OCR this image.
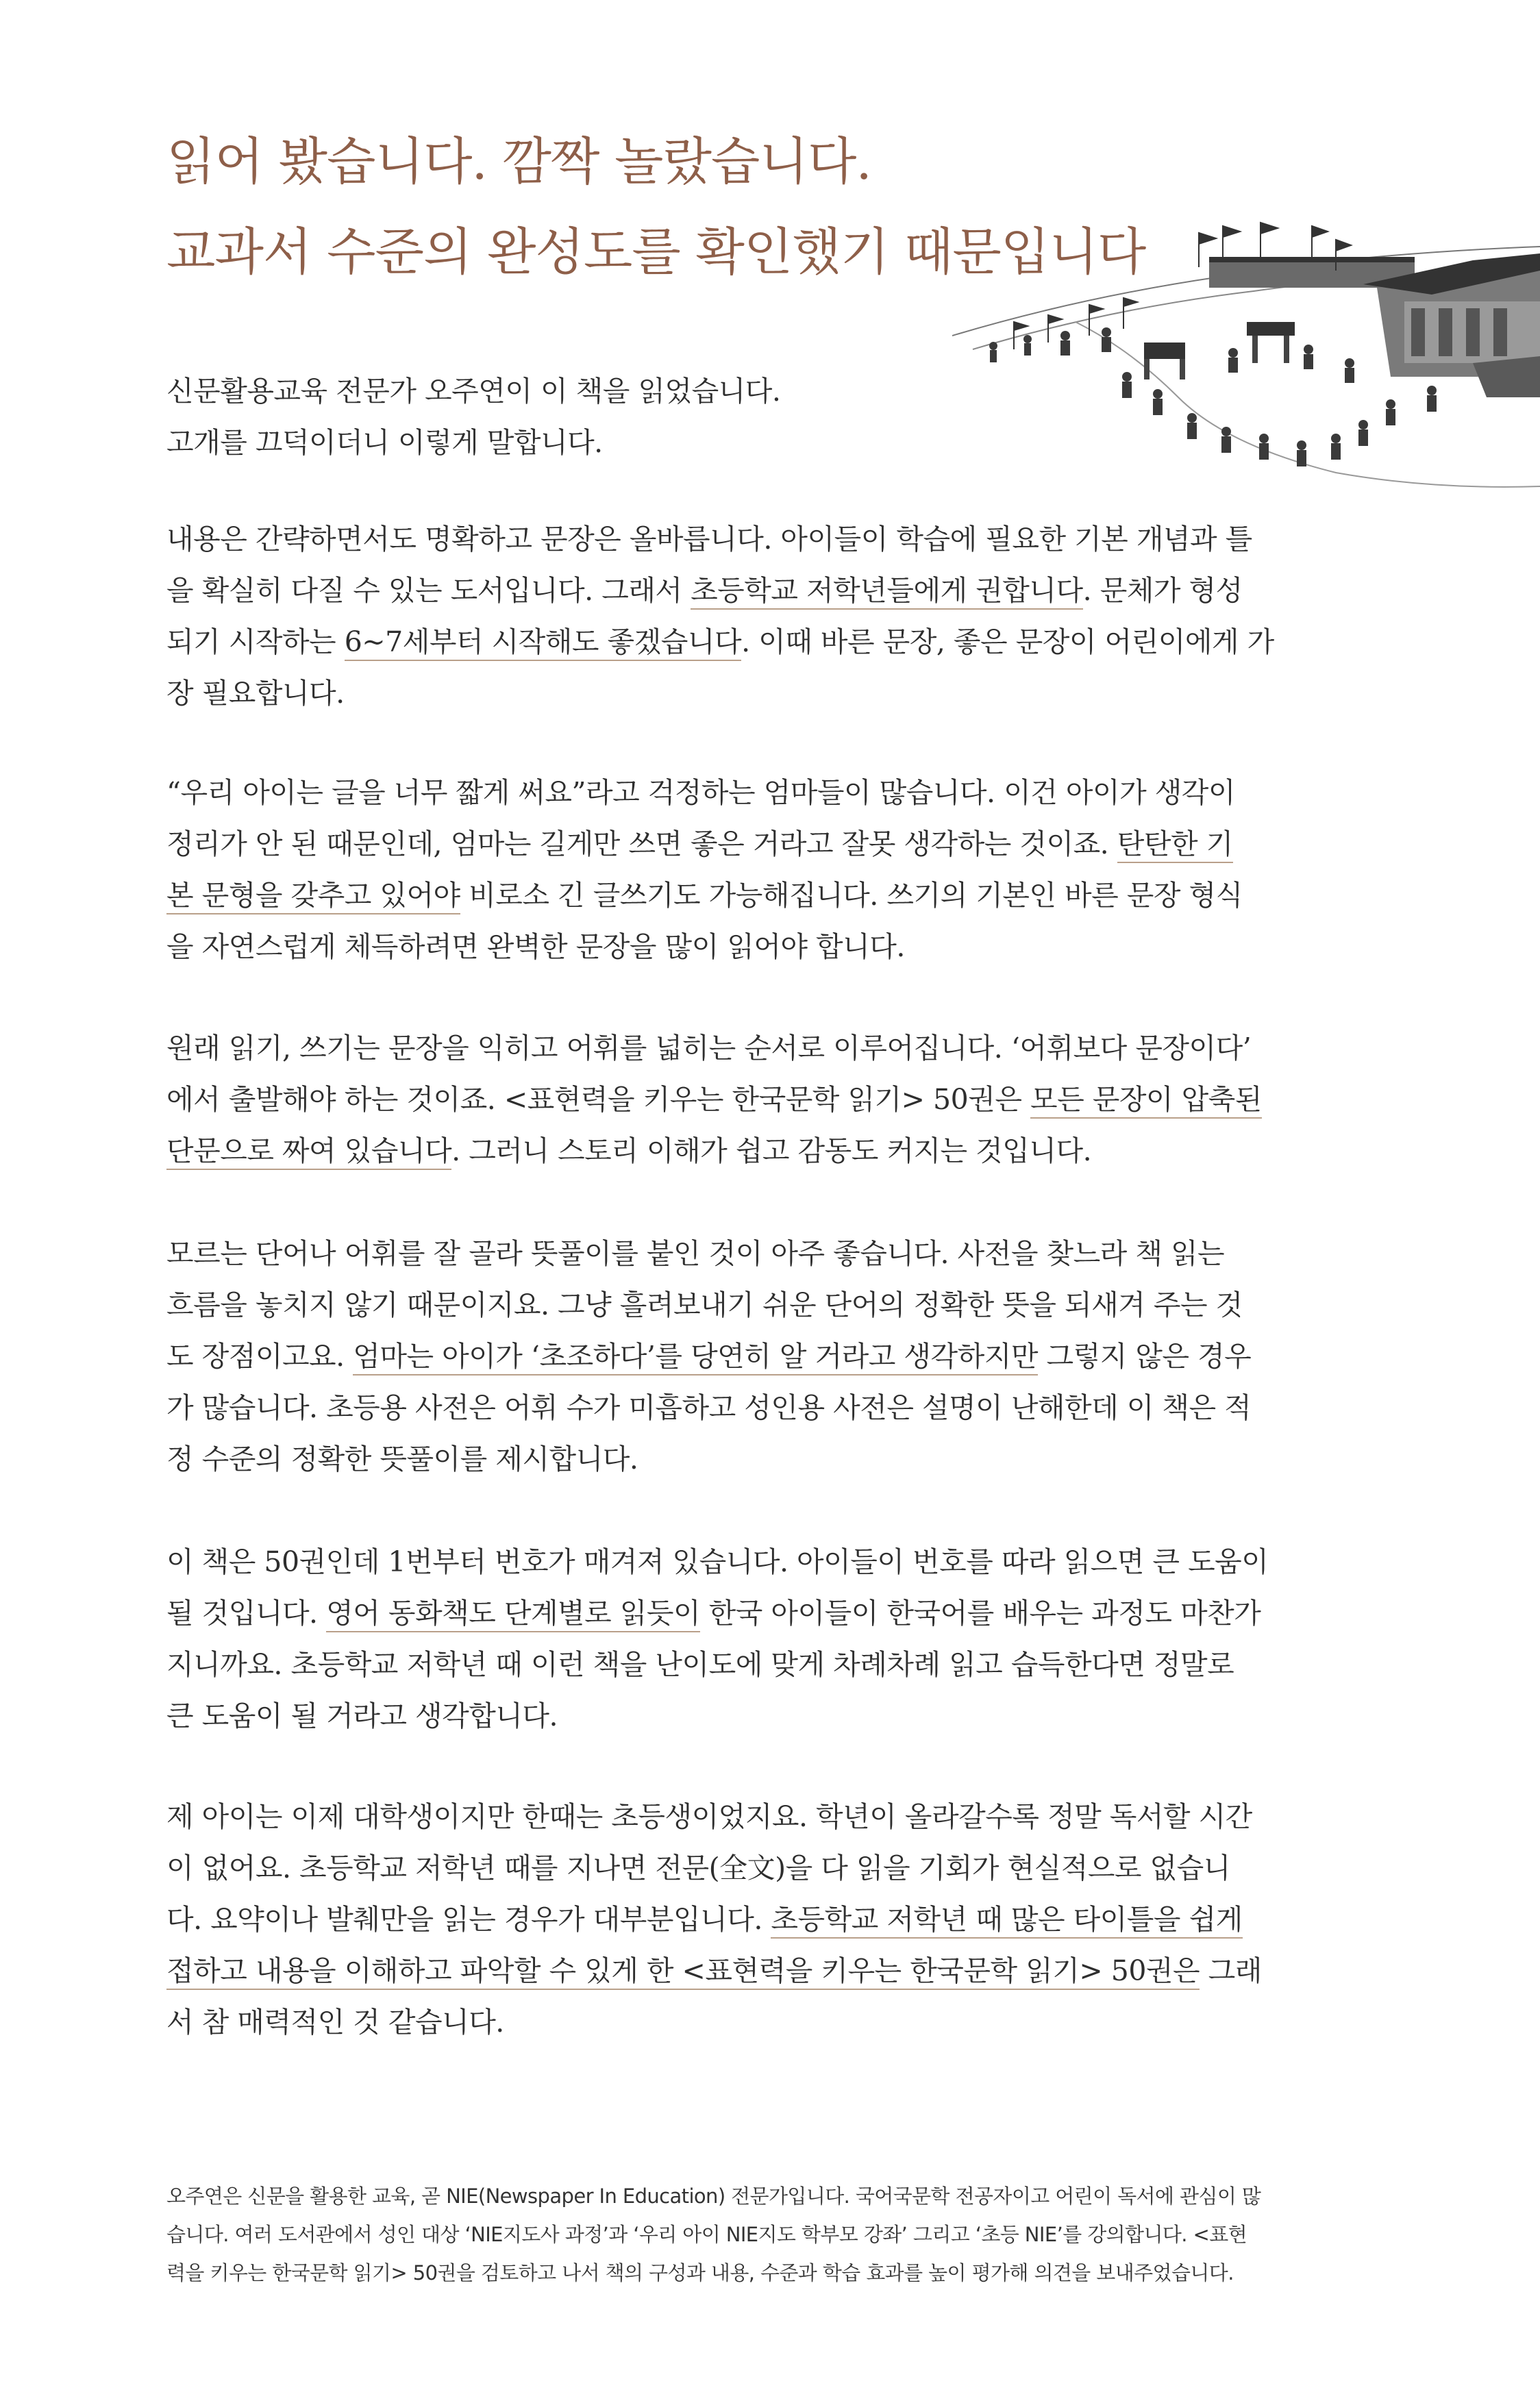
읽어 봤습니다. 깜짝 놀랐습니다.
교과서 수준의 완성도를 확인했기 때문입니다
신문활용교육 전문가 오주연이 이 책을 읽었습니다.
고개를 끄덕이더니 이렇게 말합니다.
내용은 간략하면서도 명확하고 문장은 올바릅니다. 아이들이 학습에 필요한 기본 개념과 틀
을 확실히 다질 수 있는 도서입니다. 그래서 초등학교 저학년들에게 권합니다. 문체가 형성
되기 시작하는 6~7세부터 시작해도 좋겠습니다. 이때 바른 문장, 좋은 문장이 어린이에게 가
장 필요합니다.
“우리 아이는 글을 너무 짧게 써요”라고 걱정하는 엄마들이 많습니다. 이건 아이가 생각이
정리가 안 된 때문인데, 엄마는 길게만 쓰면 좋은 거라고 잘못 생각하는 것이죠. 탄탄한 기
본 문형을 갖추고 있어야 비로소 긴 글쓰기도 가능해집니다. 쓰기의 기본인 바른 문장 형식
을 자연스럽게 체득하려면 완벽한 문장을 많이 읽어야 합니다.
원래 읽기, 쓰기는 문장을 익히고 어휘를 넓히는 순서로 이루어집니다. ‘어휘보다 문장이다’
에서 출발해야 하는 것이죠. <표현력을 키우는 한국문학 읽기> 50권은 모든 문장이 압축된
단문으로 짜여 있습니다. 그러니 스토리 이해가 쉽고 감동도 커지는 것입니다.
모르는 단어나 어휘를 잘 골라 뜻풀이를 붙인 것이 아주 좋습니다. 사전을 찾느라 책 읽는
흐름을 놓치지 않기 때문이지요. 그냥 흘려보내기 쉬운 단어의 정확한 뜻을 되새겨 주는 것
도 장점이고요. 엄마는 아이가 ‘초조하다’를 당연히 알 거라고 생각하지만 그렇지 않은 경우
가 많습니다. 초등용 사전은 어휘 수가 미흡하고 성인용 사전은 설명이 난해한데 이 책은 적
정 수준의 정확한 뜻풀이를 제시합니다.
이 책은 50권인데 1번부터 번호가 매겨져 있습니다. 아이들이 번호를 따라 읽으면 큰 도움이
될 것입니다. 영어 동화책도 단계별로 읽듯이 한국 아이들이 한국어를 배우는 과정도 마찬가
지니까요. 초등학교 저학년 때 이런 책을 난이도에 맞게 차례차례 읽고 습득한다면 정말로
큰 도움이 될 거라고 생각합니다.
제 아이는 이제 대학생이지만 한때는 초등생이었지요. 학년이 올라갈수록 정말 독서할 시간
이 없어요. 초등학교 저학년 때를 지나면 전문(全文)을 다 읽을 기회가 현실적으로 없습니
다. 요약이나 발췌만을 읽는 경우가 대부분입니다. 초등학교 저학년 때 많은 타이틀을 쉽게
접하고 내용을 이해하고 파악할 수 있게 한 <표현력을 키우는 한국문학 읽기> 50권은 그래
서 참 매력적인 것 같습니다.
오주연은 신문을 활용한 교육, 곧 NIE(Newspaper In Education) 전문가입니다. 국어국문학 전공자이고 어린이 독서에 관심이 많
습니다. 여러 도서관에서 성인 대상 ‘NIE지도사 과정’과 ‘우리 아이 NIE지도 학부모 강좌’ 그리고 ‘초등 NIE’를 강의합니다. <표현
력을 키우는 한국문학 읽기> 50권을 검토하고 나서 책의 구성과 내용, 수준과 학습 효과를 높이 평가해 의견을 보내주었습니다.
